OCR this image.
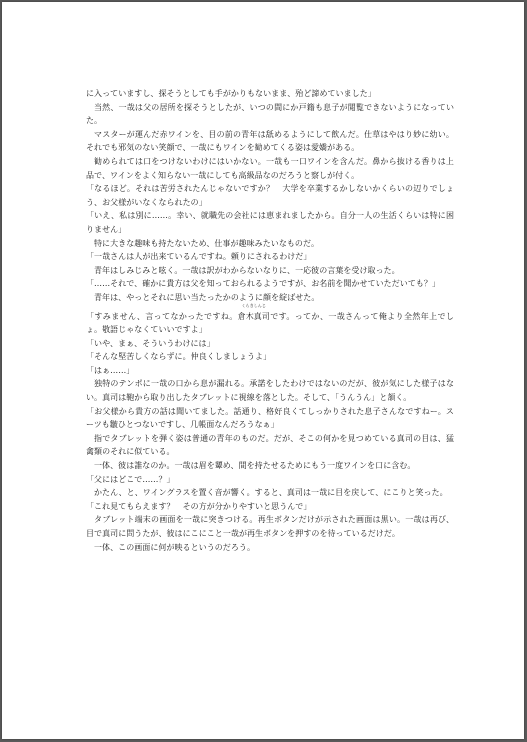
に入っていますし、探そうとしても手がかりもないまま、殆ど諦めていました」

当然、一哉は父の居所を探そうとしたが、いつの間にか戸籍も息子が閲覧できないようになっていた。

マスターが運んだ赤ワインを、目の前の青年は舐めるようにして飲んだ。仕草はやはり妙に幼い。それでも邪気のない笑顔で、一哉にもワインを勧めてくる姿は愛嬌がある。

勧められては口をつけないわけにはいかない。一哉も一口ワインを含んだ。鼻から抜ける香りは上品で、ワインをよく知らない一哉にしても高級品なのだろうと察しが付く。

「なるほど。それは苦労されたんじゃないですか？　大学を卒業するかしないかくらいの辺りでしょう、お父様がいなくなられたの」

「いえ、私は別に……。幸い、就職先の会社には恵まれましたから。自分一人の生活くらいは特に困りません」

特に大きな趣味も持たないため、仕事が趣味みたいなものだ。

「一哉さんは人が出来ているんですね。頼りにされるわけだ」

青年はしみじみと呟く。一哉は訳がわからないなりに、一応彼の言葉を受け取った。

「……それで、確かに貴方は父を知っておられるようですが、お名前を聞かせていただいても？」

青年は、やっとそれに思い当たったかのように顔を綻ばせた。

「すみません、言ってなかったですね。
くらきしんじ
倉木真司です。ってか、一哉さんって俺より全然年上でしょ。敬語じゃなくていいですよ」

「いや、まぁ、そういうわけには」

「そんな堅苦しくならずに。仲良くしましょうよ」

「はぁ……」

独特のテンポに一哉の口から息が漏れる。承諾をしたわけではないのだが、彼が気にした様子はない。真司は鞄から取り出したタブレットに視線を落とした。そして、「うんうん」と頷く。

「お父様から貴方の話は聞いてました。話通り、格好良くてしっかりされた息子さんなですねー。スーツも皺ひとつないですし、几帳面なんだろうなぁ」

指でタブレットを弾く姿は普通の青年のものだ。だが、そこの何かを見つめている真司の目は、猛禽類のそれに似ている。

一体、彼は誰なのか。一哉は眉を顰め、間を持たせるためにもう一度ワインを口に含む。

「父にはどこで……？」

かたん、と、ワイングラスを置く音が響く。すると、真司は一哉に目を戻して、にこりと笑った。

「これ見てもらえます？　その方が分かりやすいと思うんで」

タブレット端末の画面を一哉に突きつける。再生ボタンだけが示された画面は黒い。一哉は再び、目で真司に問うたが、彼はにこにこと一哉が再生ボタンを押すのを待っているだけだ。

一体、この画面に何が映るというのだろう。
